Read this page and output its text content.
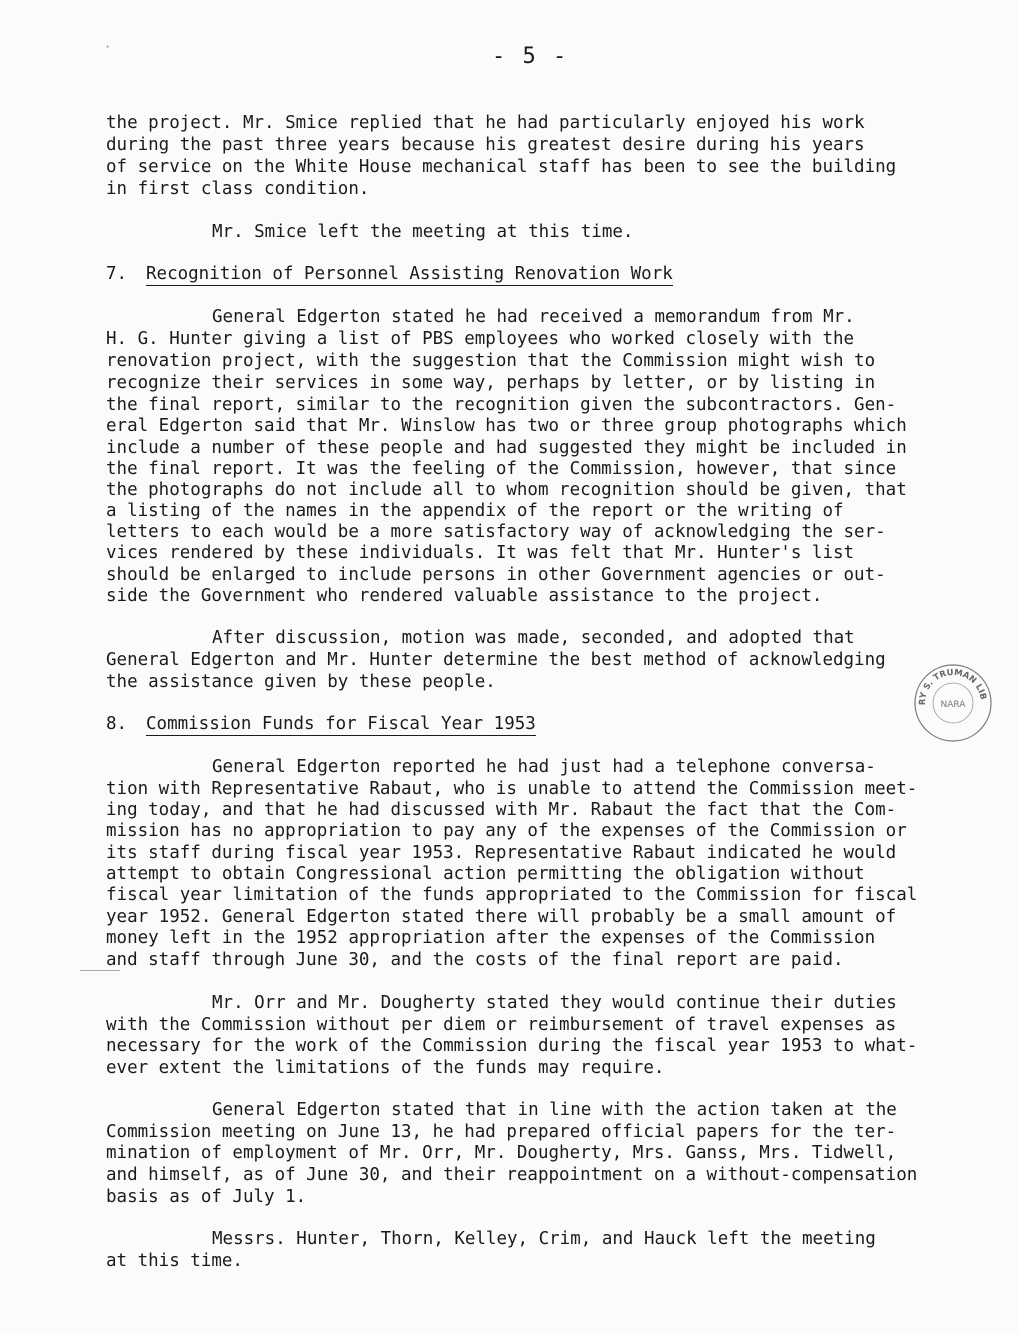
- 5 -
the project. Mr. Smice replied that he had particularly enjoyed his work
during the past three years because his greatest desire during his years
of service on the White House mechanical staff has been to see the building
in first class condition.
Mr. Smice left the meeting at this time.
7. Recognition of Personnel Assisting Renovation Work
General Edgerton stated he had received a memorandum from Mr.
H. G. Hunter giving a list of PBS employees who worked closely with the
renovation project, with the suggestion that the Commission might wish to
recognize their services in some way, perhaps by letter, or by listing in
the final report, similar to the recognition given the subcontractors. Gen-
eral Edgerton said that Mr. Winslow has two or three group photographs which
include a number of these people and had suggested they might be included in
the final report. It was the feeling of the Commission, however, that since
the photographs do not include all to whom recognition should be given, that
a listing of the names in the appendix of the report or the writing of
letters to each would be a more satisfactory way of acknowledging the ser-
vices rendered by these individuals. It was felt that Mr. Hunter's list
should be enlarged to include persons in other Government agencies or out-
side the Government who rendered valuable assistance to the project.
After discussion, motion was made, seconded, and adopted that
General Edgerton and Mr. Hunter determine the best method of acknowledging
the assistance given by these people.
8. Commission Funds for Fiscal Year 1953
General Edgerton reported he had just had a telephone conversa-
tion with Representative Rabaut, who is unable to attend the Commission meet-
ing today, and that he had discussed with Mr. Rabaut the fact that the Com-
mission has no appropriation to pay any of the expenses of the Commission or
its staff during fiscal year 1953. Representative Rabaut indicated he would
attempt to obtain Congressional action permitting the obligation without
fiscal year limitation of the funds appropriated to the Commission for fiscal
year 1952. General Edgerton stated there will probably be a small amount of
money left in the 1952 appropriation after the expenses of the Commission
and staff through June 30, and the costs of the final report are paid.
Mr. Orr and Mr. Dougherty stated they would continue their duties
with the Commission without per diem or reimbursement of travel expenses as
necessary for the work of the Commission during the fiscal year 1953 to what-
ever extent the limitations of the funds may require.
General Edgerton stated that in line with the action taken at the
Commission meeting on June 13, he had prepared official papers for the ter-
mination of employment of Mr. Orr, Mr. Dougherty, Mrs. Ganss, Mrs. Tidwell,
and himself, as of June 30, and their reappointment on a without-compensation
basis as of July 1.
Messrs. Hunter, Thorn, Kelley, Crim, and Hauck left the meeting
at this time.
RY S. TRUMAN LIB
NARA
·
